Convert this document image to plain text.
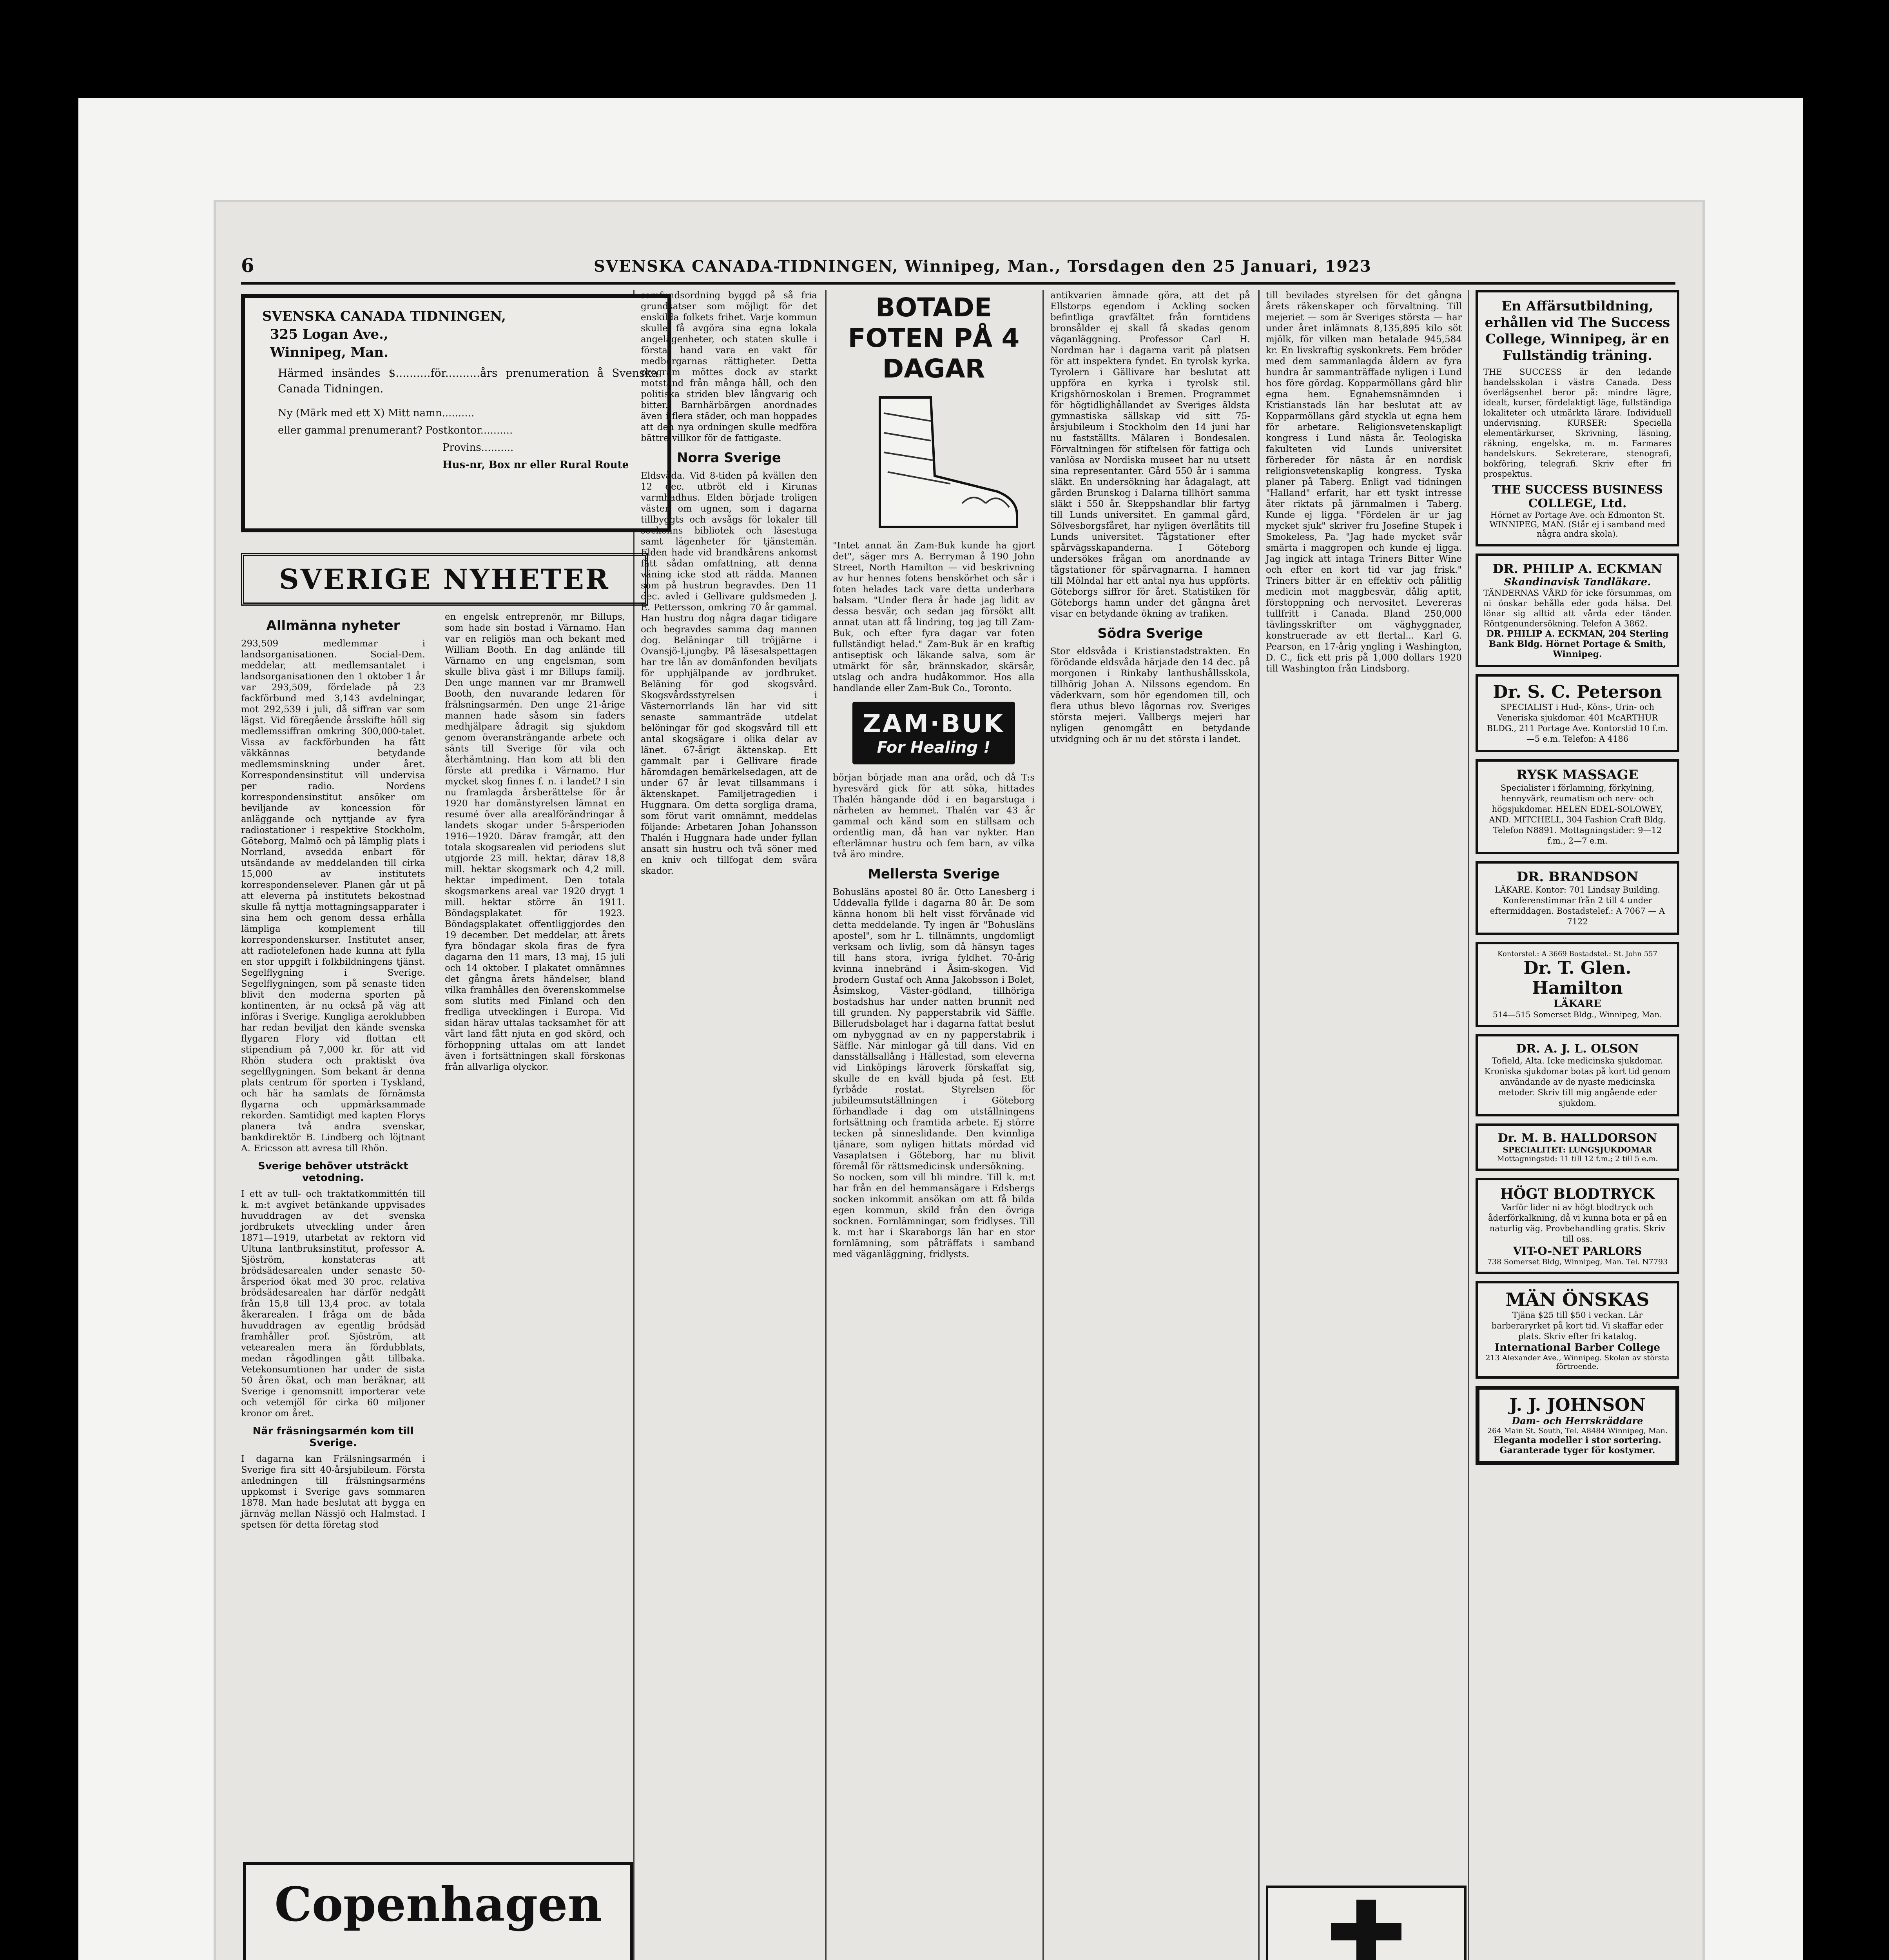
6	SVENSKA CANADA-TIDNINGEN, Winnipeg, Man., Torsdagen den 25 Januari, 1923
SVENSKA CANADA TIDNINGEN,
325 Logan Ave.,
Winnipeg, Man.
Härmed insändes $..........för..........års prenumeration å Svenska Canada Tidningen.
Ny (Märk med ett X) Mitt namn..........
eller gammal prenumerant? Postkontor..........
Provins..........
Hus-nr, Box nr eller Rural Route
SVERIGE NYHETER
Allmänna nyheter
293,509 medlemmar i landsorganisationen. Social-Dem. meddelar, att medlemsantalet i landsorganisationen den 1 oktober 1 år var 293,509, fördelade på 23 fackförbund med 3,143 avdelningar, mot 292,539 i juli, då siffran var som lägst. Vid föregående årsskifte höll sig medlemssiffran omkring 300,000-talet. Vissa av fackförbunden ha fått väkkännas betydande medlemsminskning under året. Korrespondensinstitut vill undervisa per radio. Nordens korrespondensinstitut ansöker om beviljande av koncession för anläggande och nyttjande av fyra radiostationer i respektive Stockholm, Göteborg, Malmö och på lämplig plats i Norrland, avsedda enbart för utsändande av meddelanden till cirka 15,000 av institutets korrespondenselever. Planen går ut på att eleverna på institutets bekostnad skulle få nyttja mottagningsapparater i sina hem och genom dessa erhålla lämpliga komplement till korrespondenskurser. Institutet anser, att radiotelefonen hade kunna att fylla en stor uppgift i folkbildningens tjänst. Segelflygning i Sverige. Segelflygningen, som på senaste tiden blivit den moderna sporten på kontinenten, är nu också på väg att införas i Sverige. Kungliga aeroklubben har redan beviljat den kände svenska flygaren Flory vid flottan ett stipendium på 7,000 kr. för att vid Rhön studera och praktiskt öva segelflygningen. Som bekant är denna plats centrum för sporten i Tyskland, och här ha samlats de förnämsta flygarna och uppmärksammade rekorden. Samtidigt med kapten Florys planera två andra svenskar, bankdirektör B. Lindberg och löjtnant A. Ericsson att avresa till Rhön.
Sverige behöver utsträckt vetodning.
I ett av tull- och traktatkommittén till k. m:t avgivet betänkande uppvisades huvuddragen av det svenska jordbrukets utveckling under åren 1871—1919, utarbetat av rektorn vid Ultuna lantbruksinstitut, professor A. Sjöström, konstateras att brödsädesarealen under senaste 50-årsperiod ökat med 30 proc. relativa brödsädesarealen har därför nedgått från 15,8 till 13,4 proc. av totala åkerarealen. I fråga om de båda huvuddragen av egentlig brödsäd framhåller prof. Sjöström, att vetearealen mera än fördubblats, medan rågodlingen gått tillbaka. Vetekonsumtionen har under de sista 50 åren ökat, och man beräknar, att Sverige i genomsnitt importerar vete och vetemjöl för cirka 60 miljoner kronor om året.
När fräsningsarmén kom till Sverige.
I dagarna kan Frälsningsarmén i Sverige fira sitt 40-årsjubileum. Första anledningen till frälsningsarméns uppkomst i Sverige gavs sommaren 1878. Man hade beslutat att bygga en järnväg mellan Nässjö och Halmstad. I spetsen för detta företag stod
en engelsk entreprenör, mr Billups, som hade sin bostad i Värnamo. Han var en religiös man och bekant med William Booth. En dag anlände till Värnamo en ung engelsman, som skulle bliva gäst i mr Billups familj. Den unge mannen var mr Bramwell Booth, den nuvarande ledaren för frälsningsarmén. Den unge 21-årige mannen hade såsom sin faders medhjälpare ådragit sig sjukdom genom överansträngande arbete och sänts till Sverige för vila och återhämtning. Han kom att bli den förste att predika i Värnamo. Hur mycket skog finnes f. n. i landet? I sin nu framlagda årsberättelse för år 1920 har domänstyrelsen lämnat en resumé över alla arealförändringar å landets skogar under 5-årsperioden 1916—1920. Därav framgår, att den totala skogsarealen vid periodens slut utgjorde 23 mill. hektar, därav 18,8 mill. hektar skogsmark och 4,2 mill. hektar impediment. Den totala skogsmarkens areal var 1920 drygt 1 mill. hektar större än 1911. Böndagsplakatet för 1923. Böndagsplakatet offentliggjordes den 19 december. Det meddelar, att årets fyra böndagar skola firas de fyra dagarna den 11 mars, 13 maj, 15 juli och 14 oktober. I plakatet omnämnes det gångna årets händelser, bland vilka framhålles den överenskommelse som slutits med Finland och den fredliga utvecklingen i Europa. Vid sidan härav uttalas tacksamhet för att vårt land fått njuta en god skörd, och förhoppning uttalas om att landet även i fortsättningen skall förskonas från allvarliga olyckor.
Copenhagen
samfundsordning byggd på så fria grundsatser som möjligt för det enskilda folkets frihet. Varje kommun skulle få avgöra sina egna lokala angelägenheter, och staten skulle i första hand vara en vakt för medborgarnas rättigheter. Detta program möttes dock av starkt motstånd från många håll, och den politiska striden blev långvarig och bitter. Barnhärbärgen anordnades även i flera städer, och man hoppades att den nya ordningen skulle medföra bättre villkor för de fattigaste.
Norra Sverige
Eldsvåda. Vid 8-tiden på kvällen den 12 dec. utbröt eld i Kirunas varmbadhus. Elden började troligen väster om ugnen, som i dagarna tillbyggts och avsågs för lokaler till sockenns bibliotek och läsestuga samt lägenheter för tjänstemän. Elden hade vid brandkårens ankomst fått sådan omfattning, att denna väning icke stod att rädda. Mannen som på hustrun begravdes. Den 11 dec. avled i Gellivare guldsmeden J. E. Pettersson, omkring 70 år gammal. Han hustru dog några dagar tidigare och begravdes samma dag mannen dog. Beläningar till tröjjärne i Ovansjö-Ljungby. På läsesalspettagen har tre lån av domänfonden beviljats för upphjälpande av jordbruket. Beläning för god skogsvård. Skogsvårdsstyrelsen i Västernorrlands län har vid sitt senaste sammanträde utdelat belöningar för god skogsvård till ett antal skogsägare i olika delar av länet. 67-årigt äktenskap. Ett gammalt par i Gellivare firade häromdagen bemärkelsedagen, att de under 67 år levat tillsammans i äktenskapet. Familjetragedien i Huggnara. Om detta sorgliga drama, som förut varit omnämnt, meddelas följande: Arbetaren Johan Johansson Thalén i Huggnara hade under fyllan ansatt sin hustru och två söner med en kniv och tillfogat dem svåra skador.
BOTADE FOTEN PÅ 4 DAGAR
"Intet annat än Zam-Buk kunde ha gjort det", säger mrs A. Berryman å 190 John Street, North Hamilton — vid beskrivning av hur hennes fotens benskörhet och sår i foten helades tack vare detta underbara balsam. "Under flera år hade jag lidit av dessa besvär, och sedan jag försökt allt annat utan att få lindring, tog jag till Zam-Buk, och efter fyra dagar var foten fullständigt helad." Zam-Buk är en kraftig antiseptisk och läkande salva, som är utmärkt för sår, brännskador, skärsår, utslag och andra hudåkommor. Hos alla handlande eller Zam-Buk Co., Toronto.
ZAM·BUK
For Healing !
början började man ana oråd, och då T:s hyresvärd gick för att söka, hittades Thalén hängande död i en bagarstuga i närheten av hemmet. Thalén var 43 år gammal och känd som en stillsam och ordentlig man, då han var nykter. Han efterlämnar hustru och fem barn, av vilka två äro mindre.
Mellersta Sverige
Bohusläns apostel 80 år. Otto Lanesberg i Uddevalla fyllde i dagarna 80 år. De som känna honom bli helt visst förvånade vid detta meddelande. Ty ingen är "Bohusläns apostel", som hr L. tillnämnts, ungdomligt verksam och livlig, som då hänsyn tages till hans stora, ivriga fyldhet. 70-årig kvinna innebränd i Åsim-skogen. Vid brodern Gustaf och Anna Jakobsson i Bolet, Åsimskog, Väster-gödland, tillhöriga bostadshus har under natten brunnit ned till grunden. Ny papperstabrik vid Säffle. Billerudsbolaget har i dagarna fattat beslut om nybyggnad av en ny papperstabrik i Säffle. När minlogar gå till dans. Vid en dansställsallång i Hällestad, som eleverna vid Linköpings läroverk förskaffat sig, skulle de en kväll bjuda på fest. Ett fyrbåde rostat. Styrelsen för jubileumsutställningen i Göteborg förhandlade i dag om utställningens fortsättning och framtida arbete. Ej större tecken på sinneslidande. Den kvinnliga tjänare, som nyligen hittats mördad vid Vasaplatsen i Göteborg, har nu blivit föremål för rättsmedicinsk undersökning.
So nocken, som vill bli mindre. Till k. m:t har från en del hemmansägare i Edsbergs socken inkommit ansökan om att få bilda egen kommun, skild från den övriga socknen. Fornlämningar, som fridlyses. Till k. m:t har i Skaraborgs län har en stor fornlämning, som påträffats i samband med väganläggning, fridlysts.
antikvarien ämnade göra, att det på Ellstorps egendom i Ackling socken befintliga gravfältet från forntidens bronsålder ej skall få skadas genom väganläggning. Professor Carl H. Nordman har i dagarna varit på platsen för att inspektera fyndet. En tyrolsk kyrka. Tyrolern i Gällivare har beslutat att uppföra en kyrka i tyrolsk stil. Krigshörnoskolan i Bremen. Programmet för högtidlighållandet av Sveriges äldsta gymnastiska sällskap vid sitt 75-årsjubileum i Stockholm den 14 juni har nu fastställts. Mälaren i Bondesalen. Förvaltningen för stiftelsen för fattiga och vanlösa av Nordiska museet har nu utsett sina representanter. Gård 550 år i samma släkt. En undersökning har ådagalagt, att gården Brunskog i Dalarna tillhört samma släkt i 550 år. Skeppshandlar blir fartyg till Lunds universitet. En gammal gård, Sölvesborgsfåret, har nyligen överlåtits till Lunds universitet. Tågstationer efter spårvägsskapanderna. I Göteborg undersökes frågan om anordnande av tågstationer för spårvagnarna. I hamnen till Mölndal har ett antal nya hus uppförts. Göteborgs siffror för året. Statistiken för Göteborgs hamn under det gångna året visar en betydande ökning av trafiken.
Södra Sverige
Stor eldsvåda i Kristianstadstrakten. En förödande eldsvåda härjade den 14 dec. på morgonen i Rinkaby lanthushållsskola, tillhörig Johan A. Nilssons egendom. En väderkvarn, som hör egendomen till, och flera uthus blevo lågornas rov. Sveriges största mejeri. Vallbergs mejeri har nyligen genomgått en betydande utvidgning och är nu det största i landet.
till bevilades styrelsen för det gångna årets räkenskaper och förvaltning. Till mejeriet — som är Sveriges största — har under året inlämnats 8,135,895 kilo söt mjölk, för vilken man betalade 945,584 kr. En livskraftig syskonkrets. Fem bröder med dem sammanlagda åldern av fyra hundra år sammanträffade nyligen i Lund hos före gördag. Kopparmöllans gård blir egna hem. Egnahemsnämnden i Kristianstads län har beslutat att av Kopparmöllans gård styckla ut egna hem för arbetare. Religionsvetenskapligt kongress i Lund nästa år. Teologiska fakulteten vid Lunds universitet förbereder för nästa år en nordisk religionsvetenskaplig kongress. Tyska planer på Taberg. Enligt vad tidningen "Halland" erfarit, har ett tyskt intresse åter riktats på järnmalmen i Taberg. Kunde ej ligga. "Fördelen är ur jag mycket sjuk" skriver fru Josefine Stupek i Smokeless, Pa. "Jag hade mycket svår smärta i maggropen och kunde ej ligga. Jag ingick att intaga Triners Bitter Wine och efter en kort tid var jag frisk." Triners bitter är en effektiv och pålitlig medicin mot maggbesvär, dålig aptit, förstoppning och nervositet. Levereras tullfritt i Canada. Bland 250,000 tävlingsskrifter om väghyggnader, konstruerade av ett flertal... Karl G. Pearson, en 17-årig yngling i Washington, D. C., fick ett pris på 1,000 dollars 1920 till Washington från Lindsborg.
En Affärsutbildning, erhållen vid The Success College, Winnipeg, är en Fullständig träning.
THE SUCCESS är den ledande handelsskolan i västra Canada. Dess överlägsenhet beror på: mindre lägre, idealt, kurser, fördelaktigt läge, fullständiga lokaliteter och utmärkta lärare. Individuell undervisning. KURSER: Speciella elementärkurser, Skrivning, läsning, räkning, engelska, m. m. Farmares handelskurs. Sekreterare, stenografi, bokföring, telegrafi. Skriv efter fri prospektus.
THE SUCCESS BUSINESS COLLEGE, Ltd.
Hörnet av Portage Ave. och Edmonton St. WINNIPEG, MAN. (Står ej i samband med några andra skola).
DR. PHILIP A. ECKMAN
Skandinavisk Tandläkare.
TÄNDERNAS VÅRD för icke försummas, om ni önskar behålla eder goda hälsa. Det lönar sig alltid att vårda eder tänder. Röntgenundersökning. Telefon A 3862.
DR. PHILIP A. ECKMAN, 204 Sterling Bank Bldg. Hörnet Portage & Smith, Winnipeg.
Dr. S. C. Peterson
SPECIALIST i Hud-, Köns-, Urin- och Veneriska sjukdomar. 401 McARTHUR BLDG., 211 Portage Ave. Kontorstid 10 f.m.—5 e.m. Telefon: A 4186
RYSK MASSAGE
Specialister i förlamning, förkylning, hennyvärk, reumatism och nerv- och högsjukdomar. HELEN EDEL-SOLOWEY, AND. MITCHELL, 304 Fashion Craft Bldg. Telefon N8891. Mottagningstider: 9—12 f.m., 2—7 e.m.
DR. BRANDSON
LÄKARE. Kontor: 701 Lindsay Building. Konferenstimmar från 2 till 4 under eftermiddagen. Bostadstelef.: A 7067 — A 7122
Kontorstel.: A 3669 Bostadstel.: St. John 557
Dr. T. Glen. Hamilton
LÄKARE
514—515 Somerset Bldg., Winnipeg, Man.
DR. A. J. L. OLSON
Tofield, Alta. Icke medicinska sjukdomar. Kroniska sjukdomar botas på kort tid genom användande av de nyaste medicinska metoder. Skriv till mig angående eder sjukdom.
Dr. M. B. HALLDORSON
SPECIALITET: LUNGSJUKDOMAR
Mottagningstid: 11 till 12 f.m.; 2 till 5 e.m.
HÖGT BLODTRYCK
Varför lider ni av högt blodtryck och åderförkalkning, då vi kunna bota er på en naturlig väg. Provbehandling gratis. Skriv till oss.
VIT-O-NET PARLORS
738 Somerset Bldg, Winnipeg, Man. Tel. N7793
MÄN ÖNSKAS
Tjäna $25 till $50 i veckan. Lär barberaryrket på kort tid. Vi skaffar eder plats. Skriv efter fri katalog.
International Barber College
213 Alexander Ave., Winnipeg. Skolan av största förtroende.
J. J. JOHNSON
Dam- och Herrskräddare
264 Main St. South, Tel. A8484 Winnipeg, Man.
Eleganta modeller i stor sortering. Garanterade tyger för kostymer.
